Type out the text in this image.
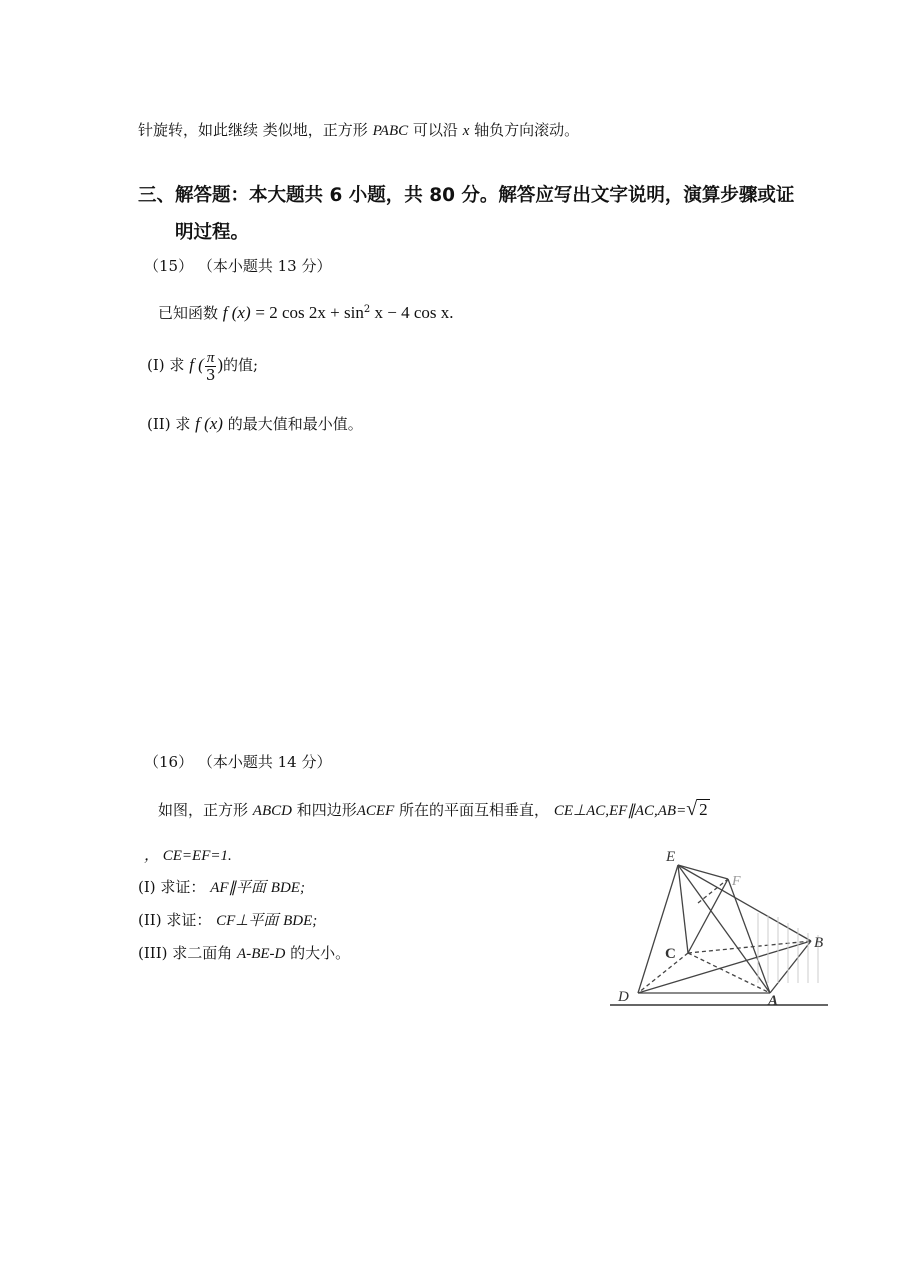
针旋转，如此继续 类似地，正方形 PABC 可以沿 x 轴负方向滚动。
三、解答题：本大题共 6 小题，共 80 分。解答应写出文字说明，演算步骤或证
明过程。
（15） （本小题共 13 分）
已知函数 f (x) = 2 $\cos 2x + \sin^2 x - 4$ cos x.
(I) 求 f ( $\frac{\pi}{3}$ )的值;
(II) 求 f (x) 的最大值和最小值。
（16） （本小题共 14 分）
如图，正方形 ABCD 和四边形ACEF 所在的平面互相垂直， CE⊥AC,EF∥AC,AB=√ 2
， CE=EF=1.
(I) 求证： AF∥平面 BDE;
(II) 求证： CF⊥平面 BDE;
(III) 求二面角 A-BE-D 的大小。
E
F
C
B
D	A
